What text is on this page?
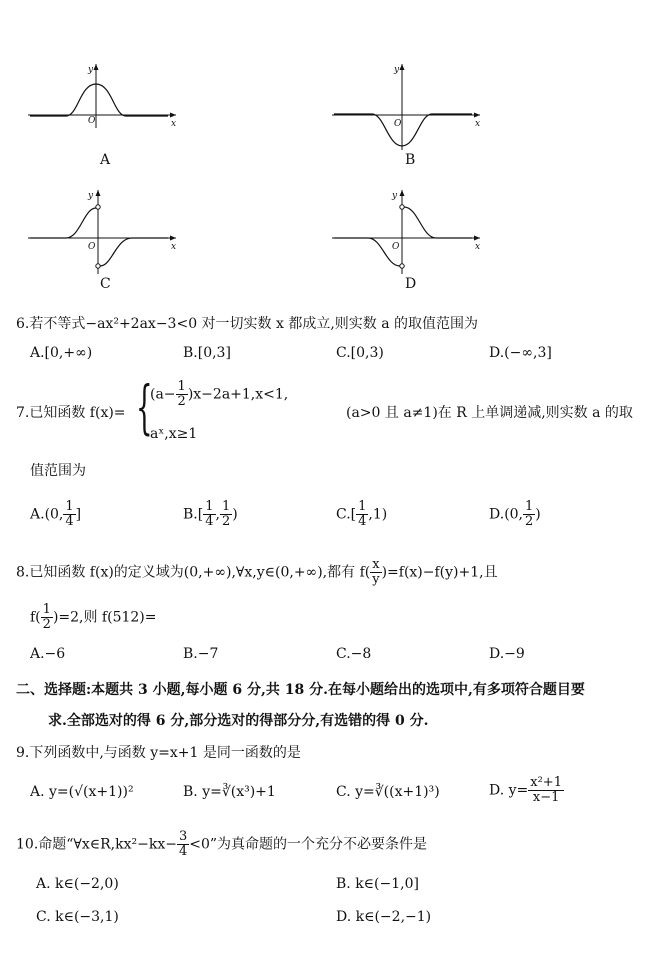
O
y
x
A
O
y
x
B
O
y
x
C
O
y
x
D
6.若不等式−ax²+2ax−3<0 对一切实数 x 都成立,则实数 a 的取值范围为
A.[0,+∞)	B.[0,3]	C.[0,3)	D.(−∞,3]
7.已知函数 f(x)= {
$(a- \frac{1}{2} )x-2a+1,x<1$,
aˣ,x≥1
(a>0 且 a≠1)在 R 上单调递减,则实数 a 的取
值范围为
A.(0, $\frac{1}{4}$ ]	$B.[ \frac{1}{4}$ , $\frac{1}{2}$ )	$C.[ \frac{1}{4} ,1)$	D.(0, $\frac{1}{2}$ )
8.已知函数 f(x)的定义域为(0,+∞),∀x,y∈(0,+∞),都有 $f( \frac{x}{y} )=f(x)-f(y)+1$,且
$f( \frac{1}{2} )=2$,则 f(512)=
A.−6	B.−7	C.−8	D.−9
二、选择题:本题共 3 小题,每小题 6 分,共 18 分.在每小题给出的选项中,有多项符合题目要
求.全部选对的得 6 分,部分选对的得部分分,有选错的得 0 分.
9.下列函数中,与函数 y=x+1 是同一函数的是
A. y=(√(x+1))²	B. y=∛(x³)+1	C. y=∛((x+1)³)	D. $y= \frac{\text{x²+1}}{x-1}$
10.命题“∀x∈R,kx²−kx− $\frac{3}{4} <0$”为真命题的一个充分不必要条件是
A. k∈(−2,0)	B. k∈(−1,0]
C. k∈(−3,1)	D. k∈(−2,−1)
